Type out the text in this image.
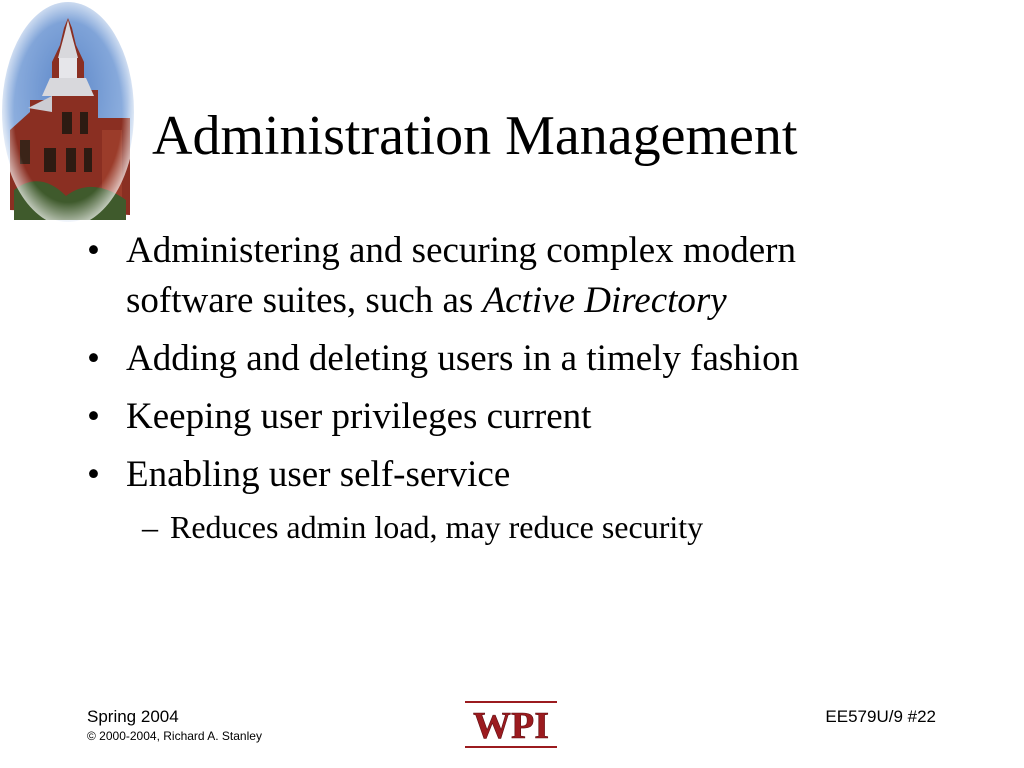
Administration Management
• Administering and securing complex modern software suites, such as Active Directory
• Adding and deleting users in a timely fashion
• Keeping user privileges current
• Enabling user self-service
– Reduces admin load, may reduce security
Spring 2004
© 2000-2004, Richard A. Stanley	WPI	EE579U/9 #22
